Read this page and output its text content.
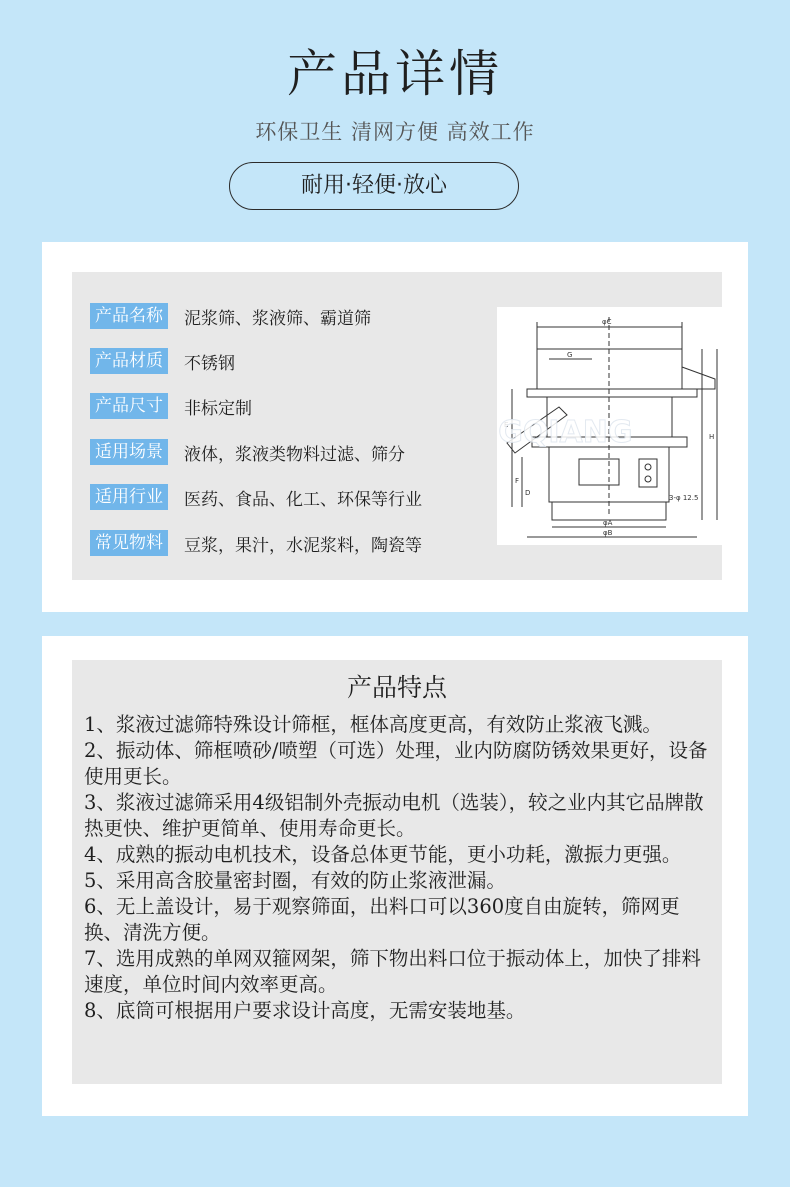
产品详情
环保卫生 清网方便 高效工作
耐用·轻便·放心
产品名称 泥浆筛、浆液筛、霸道筛
产品材质 不锈钢
产品尺寸 非标定制
适用场景 液体，浆液类物料过滤、筛分
适用行业 医药、食品、化工、环保等行业
常见物料 豆浆，果汁，水泥浆料，陶瓷等
φC
G
E
H
F
D
3-φ 12.5
φA
φB
GQIANG
产品特点
1、浆液过滤筛特殊设计筛框，框体高度更高，有效防止浆液飞溅。
2、振动体、筛框喷砂/喷塑（可选）处理，业内防腐防锈效果更好，设备使用更长。
3、浆液过滤筛采用4级铝制外壳振动电机（选装），较之业内其它品牌散热更快、维护更简单、使用寿命更长。
4、成熟的振动电机技术，设备总体更节能，更小功耗，激振力更强。
5、采用高含胶量密封圈，有效的防止浆液泄漏。
6、无上盖设计，易于观察筛面，出料口可以360度自由旋转，筛网更换、清洗方便。
7、选用成熟的单网双箍网架，筛下物出料口位于振动体上，加快了排料速度，单位时间内效率更高。
8、底筒可根据用户要求设计高度，无需安装地基。
